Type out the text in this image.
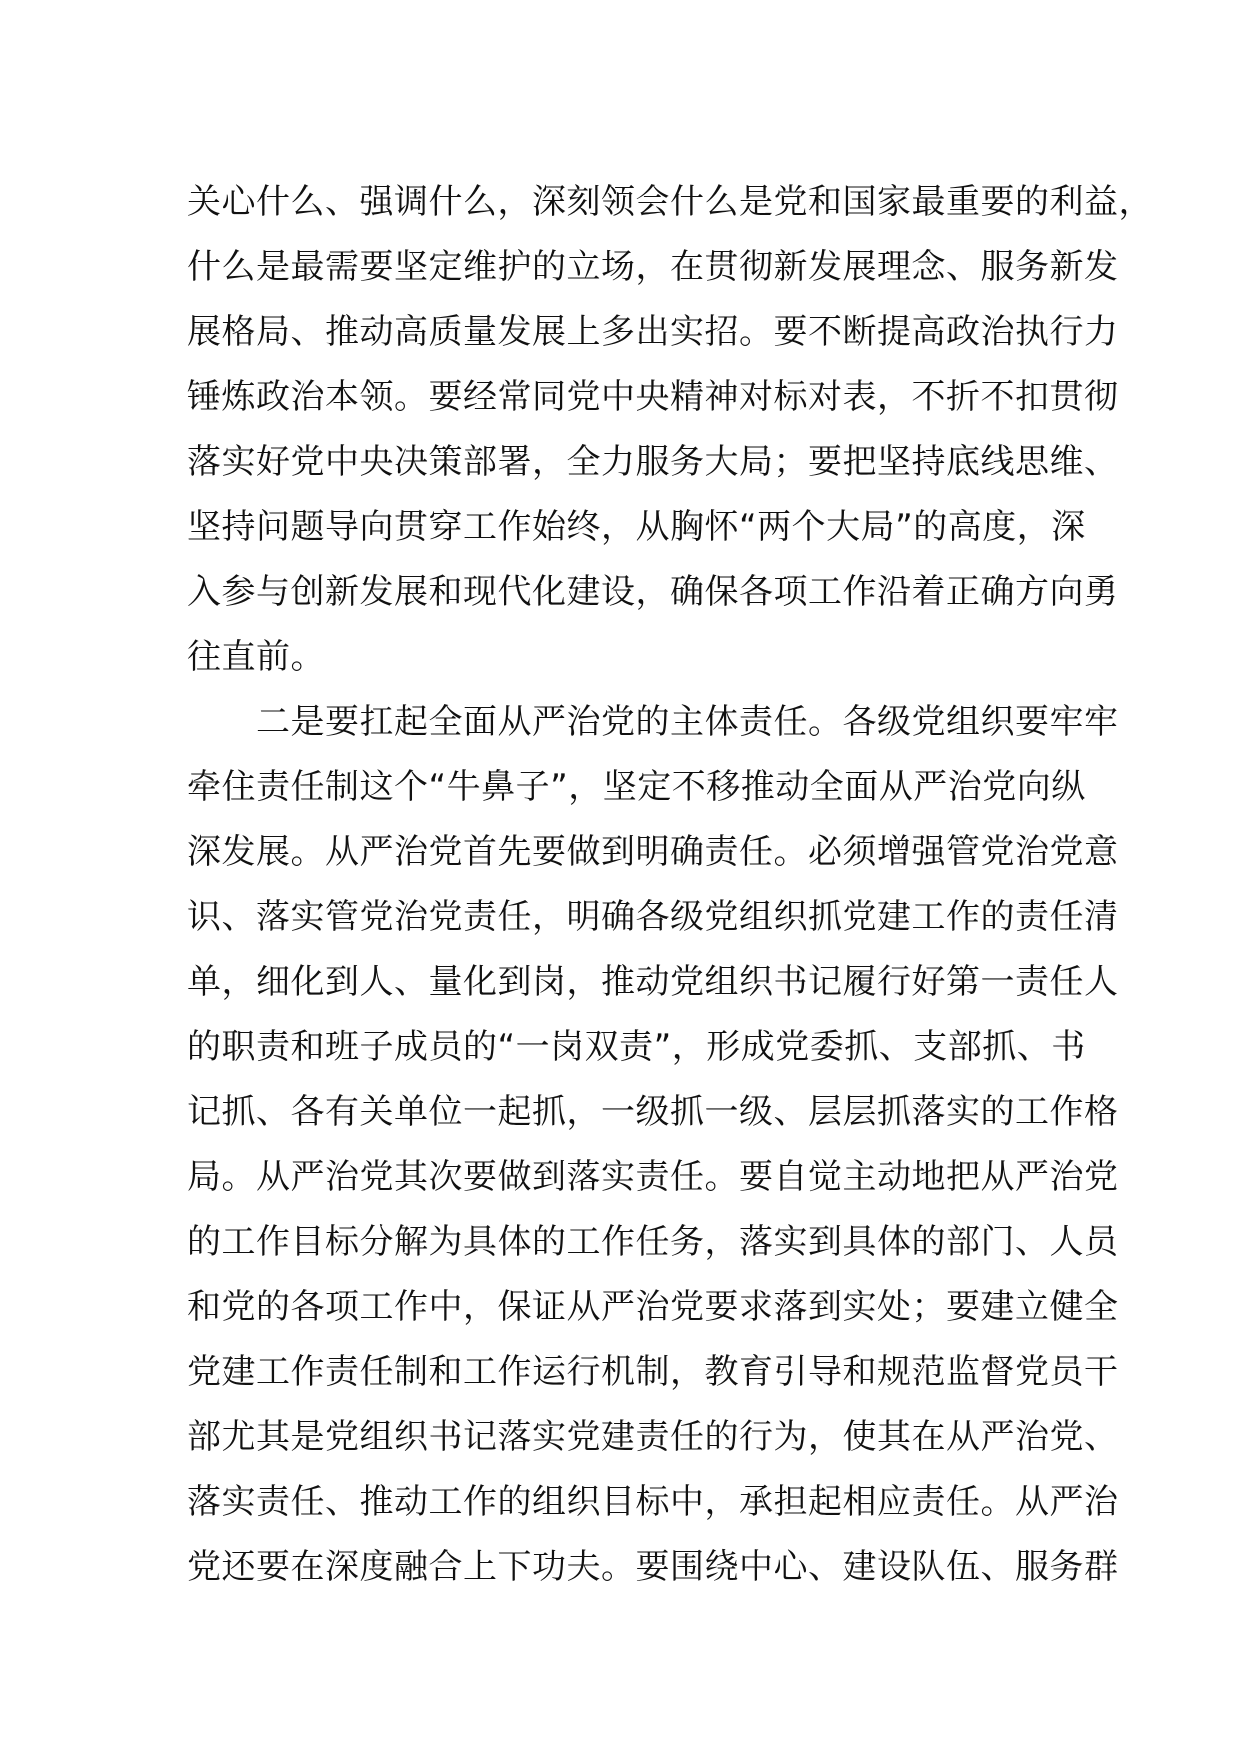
关心什么、强调什么，深刻领会什么是党和国家最重要的利益，
什么是最需要坚定维护的立场，在贯彻新发展理念、服务新发
展格局、推动高质量发展上多出实招。要不断提高政治执行力
锤炼政治本领。要经常同党中央精神对标对表，不折不扣贯彻
落实好党中央决策部署，全力服务大局；要把坚持底线思维、
坚持问题导向贯穿工作始终，从胸怀“两个大局”的高度，深
入参与创新发展和现代化建设，确保各项工作沿着正确方向勇
往直前。
　　二是要扛起全面从严治党的主体责任。各级党组织要牢牢
牵住责任制这个“牛鼻子”，坚定不移推动全面从严治党向纵
深发展。从严治党首先要做到明确责任。必须增强管党治党意
识、落实管党治党责任，明确各级党组织抓党建工作的责任清
单，细化到人、量化到岗，推动党组织书记履行好第一责任人
的职责和班子成员的“一岗双责”，形成党委抓、支部抓、书
记抓、各有关单位一起抓，一级抓一级、层层抓落实的工作格
局。从严治党其次要做到落实责任。要自觉主动地把从严治党
的工作目标分解为具体的工作任务，落实到具体的部门、人员
和党的各项工作中，保证从严治党要求落到实处；要建立健全
党建工作责任制和工作运行机制，教育引导和规范监督党员干
部尤其是党组织书记落实党建责任的行为，使其在从严治党、
落实责任、推动工作的组织目标中，承担起相应责任。从严治
党还要在深度融合上下功夫。要围绕中心、建设队伍、服务群
